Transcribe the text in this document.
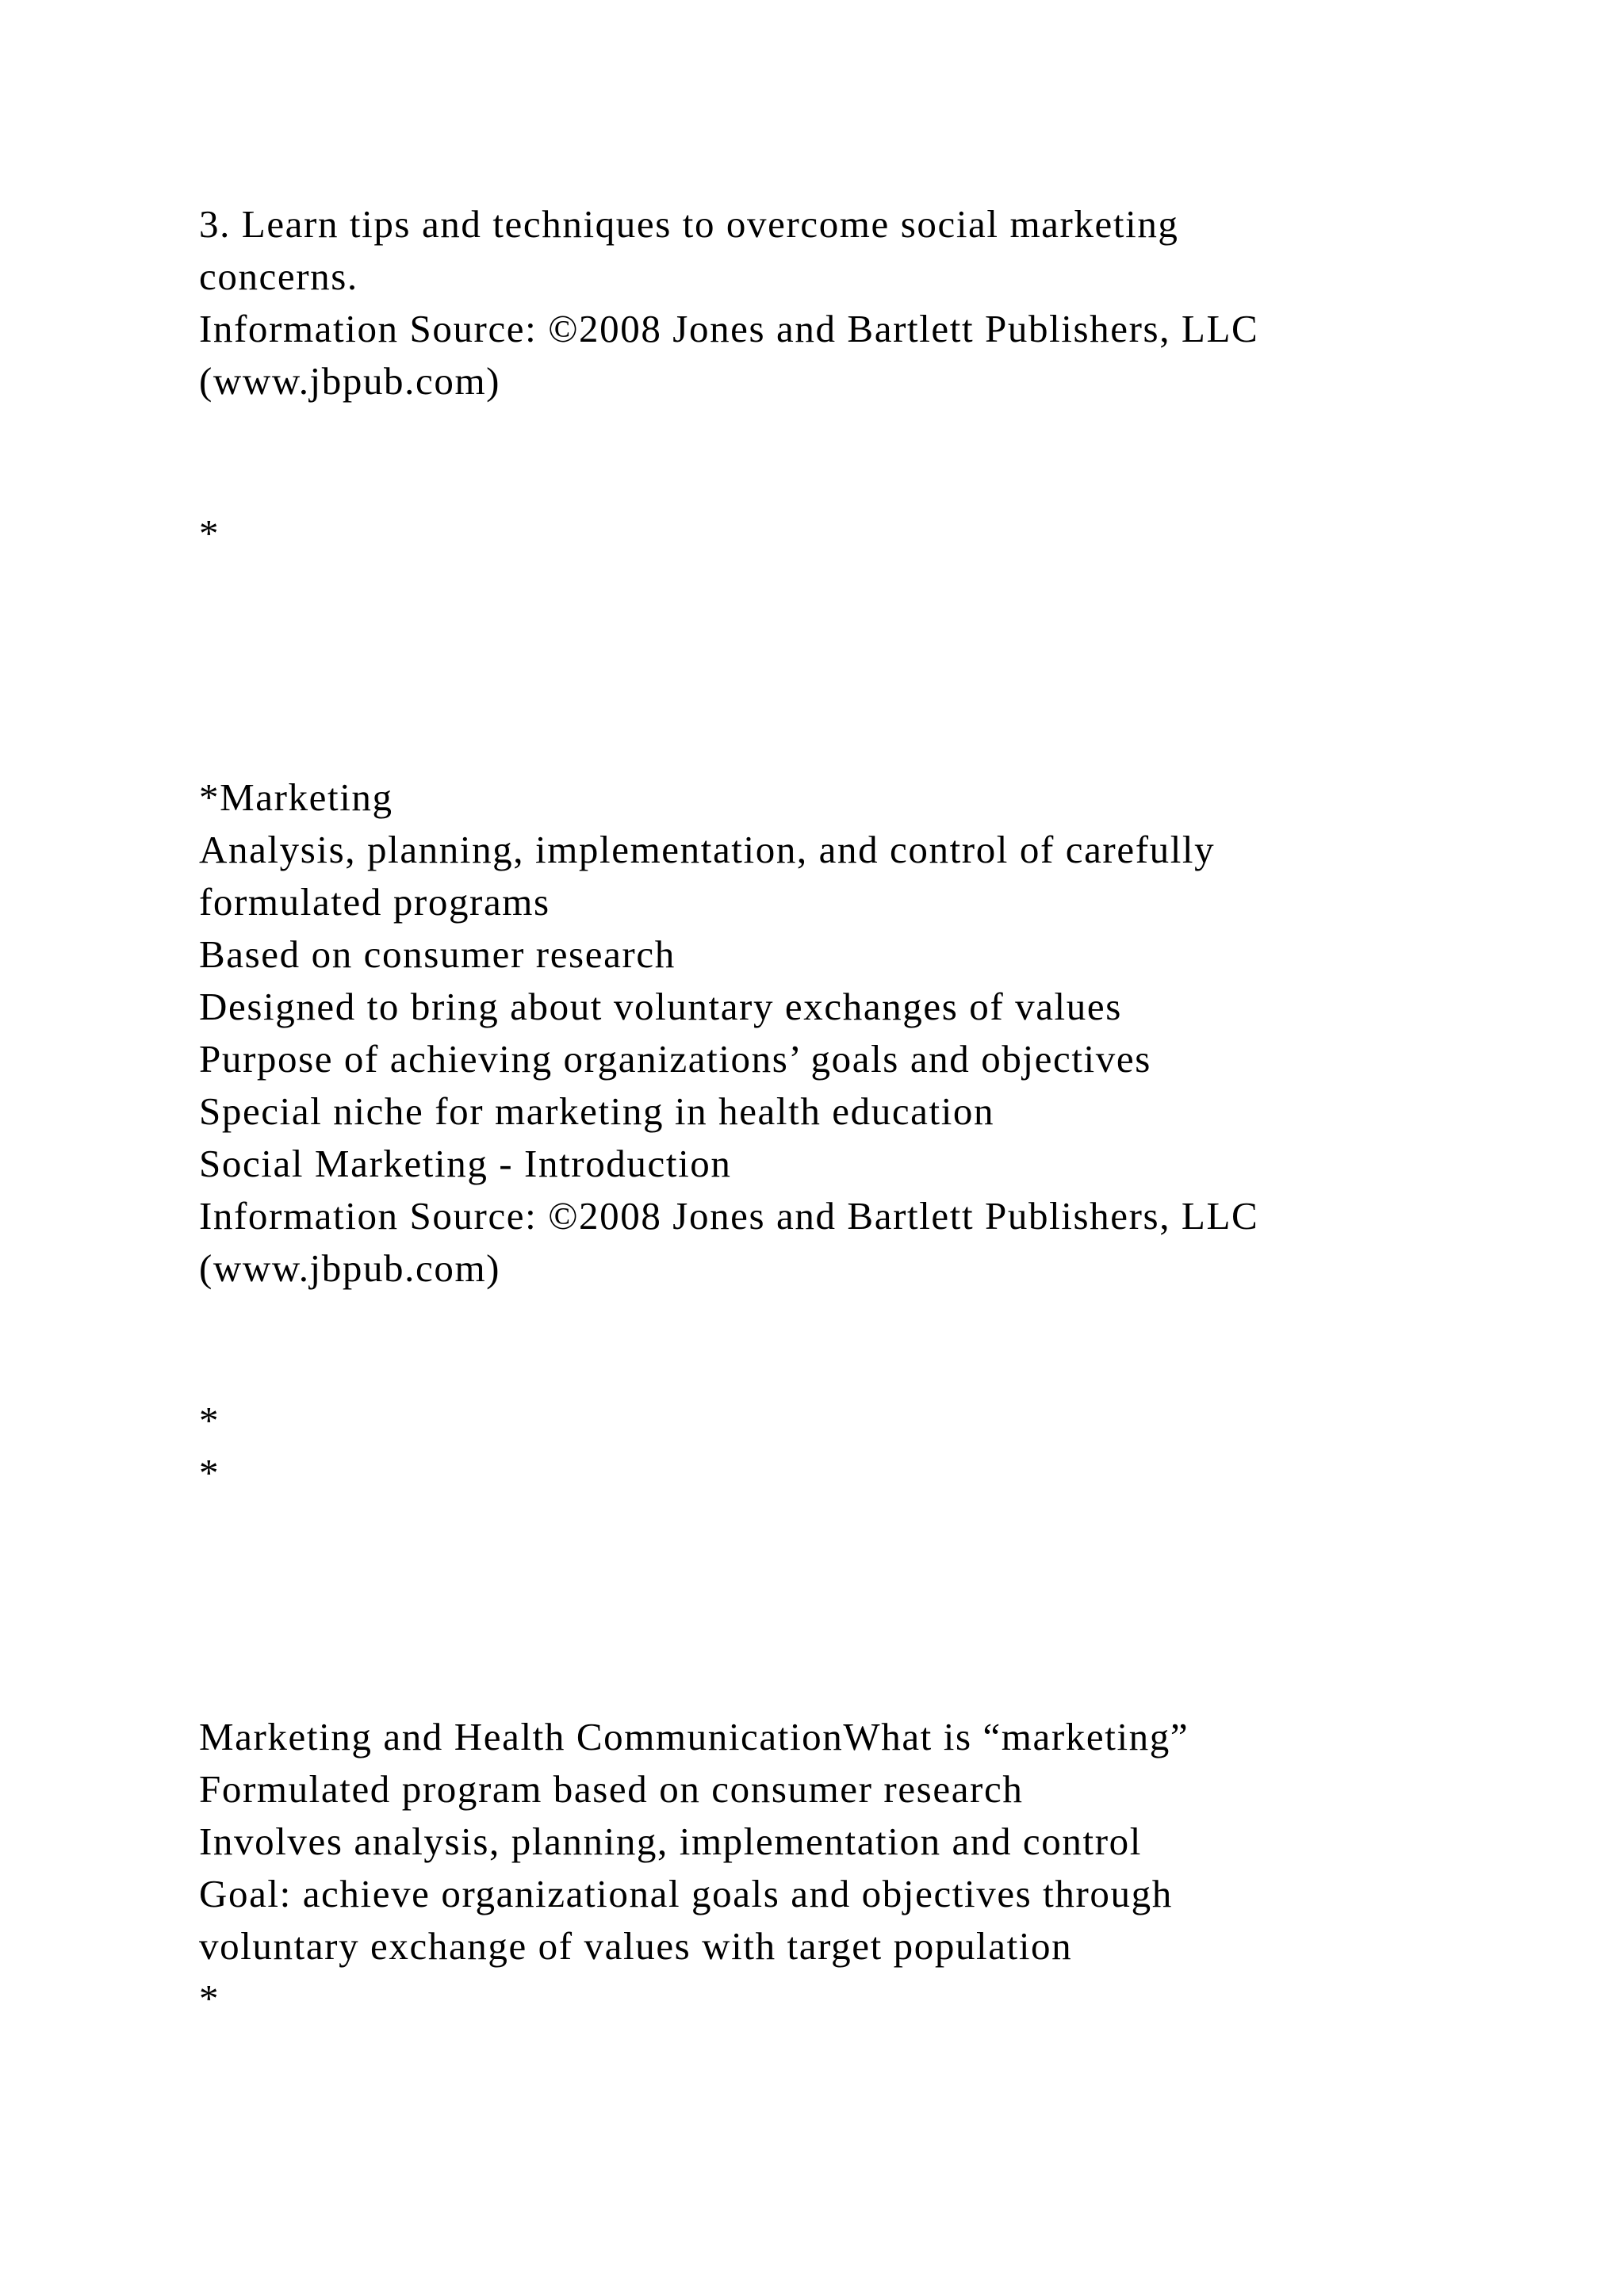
3. Learn tips and techniques to overcome social marketing
concerns.
Information Source: ©2008 Jones and Bartlett Publishers, LLC
(www.jbpub.com)
*
*Marketing
Analysis, planning, implementation, and control of carefully
formulated programs
Based on consumer research
Designed to bring about voluntary exchanges of values
Purpose of achieving organizations’ goals and objectives
Special niche for marketing in health education
Social Marketing - Introduction
Information Source: ©2008 Jones and Bartlett Publishers, LLC
(www.jbpub.com)
*
*
Marketing and Health CommunicationWhat is “marketing”
Formulated program based on consumer research
Involves analysis, planning, implementation and control
Goal: achieve organizational goals and objectives through
voluntary exchange of values with target population
*
